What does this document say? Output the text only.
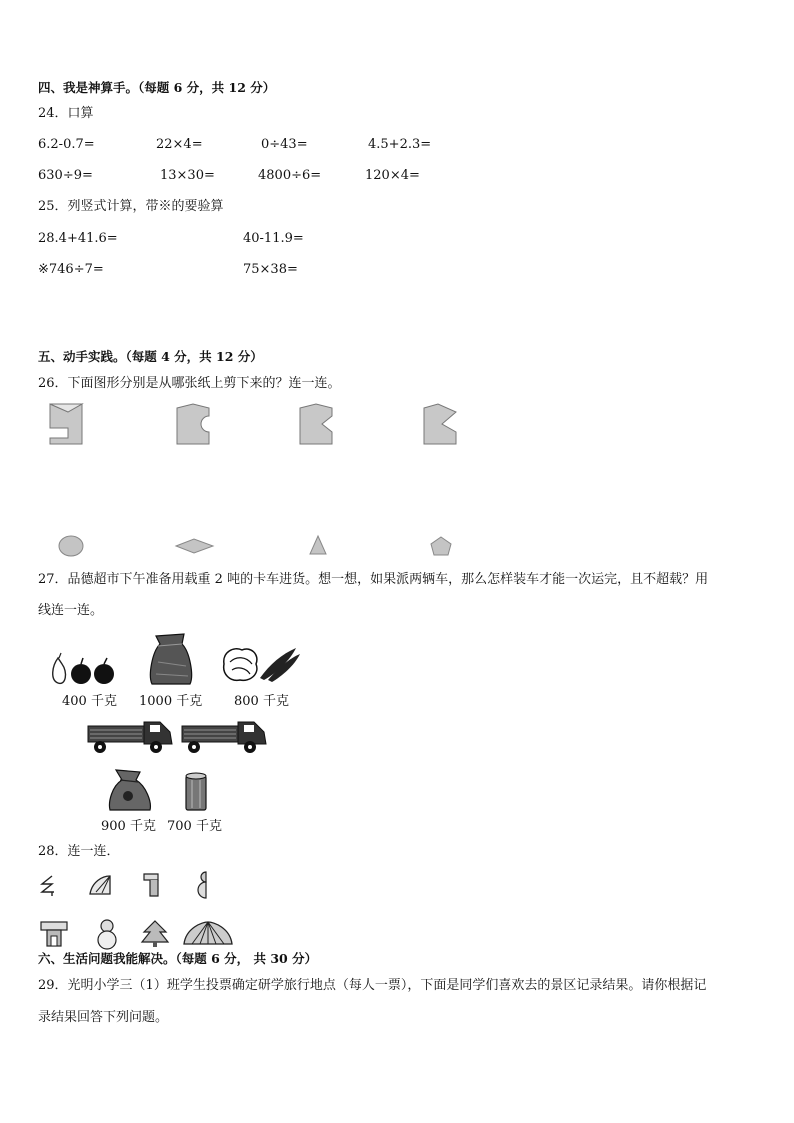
四、我是神算手。（每题 6 分，共 12 分）
24．口算
6.2-0.7=	22×4=	0÷43=	4.5+2.3=
630÷9=	13×30=	4800÷6=	120×4=
25．列竖式计算，带※的要验算
28.4+41.6=	40-11.9=
※746÷7=	75×38=
五、动手实践。（每题 4 分，共 12 分）
26．下面图形分别是从哪张纸上剪下来的？连一连。
27．品德超市下午准备用载重 2 吨的卡车进货。想一想，如果派两辆车，那么怎样装车才能一次运完，且不超载？用
线连一连。
400 千克 1000 千克 800 千克
900 千克 700 千克
28．连一连．
六、生活问题我能解决。（每题 6 分， 共 30 分）
29．光明小学三（1）班学生投票确定研学旅行地点（每人一票），下面是同学们喜欢去的景区记录结果。请你根据记
录结果回答下列问题。
